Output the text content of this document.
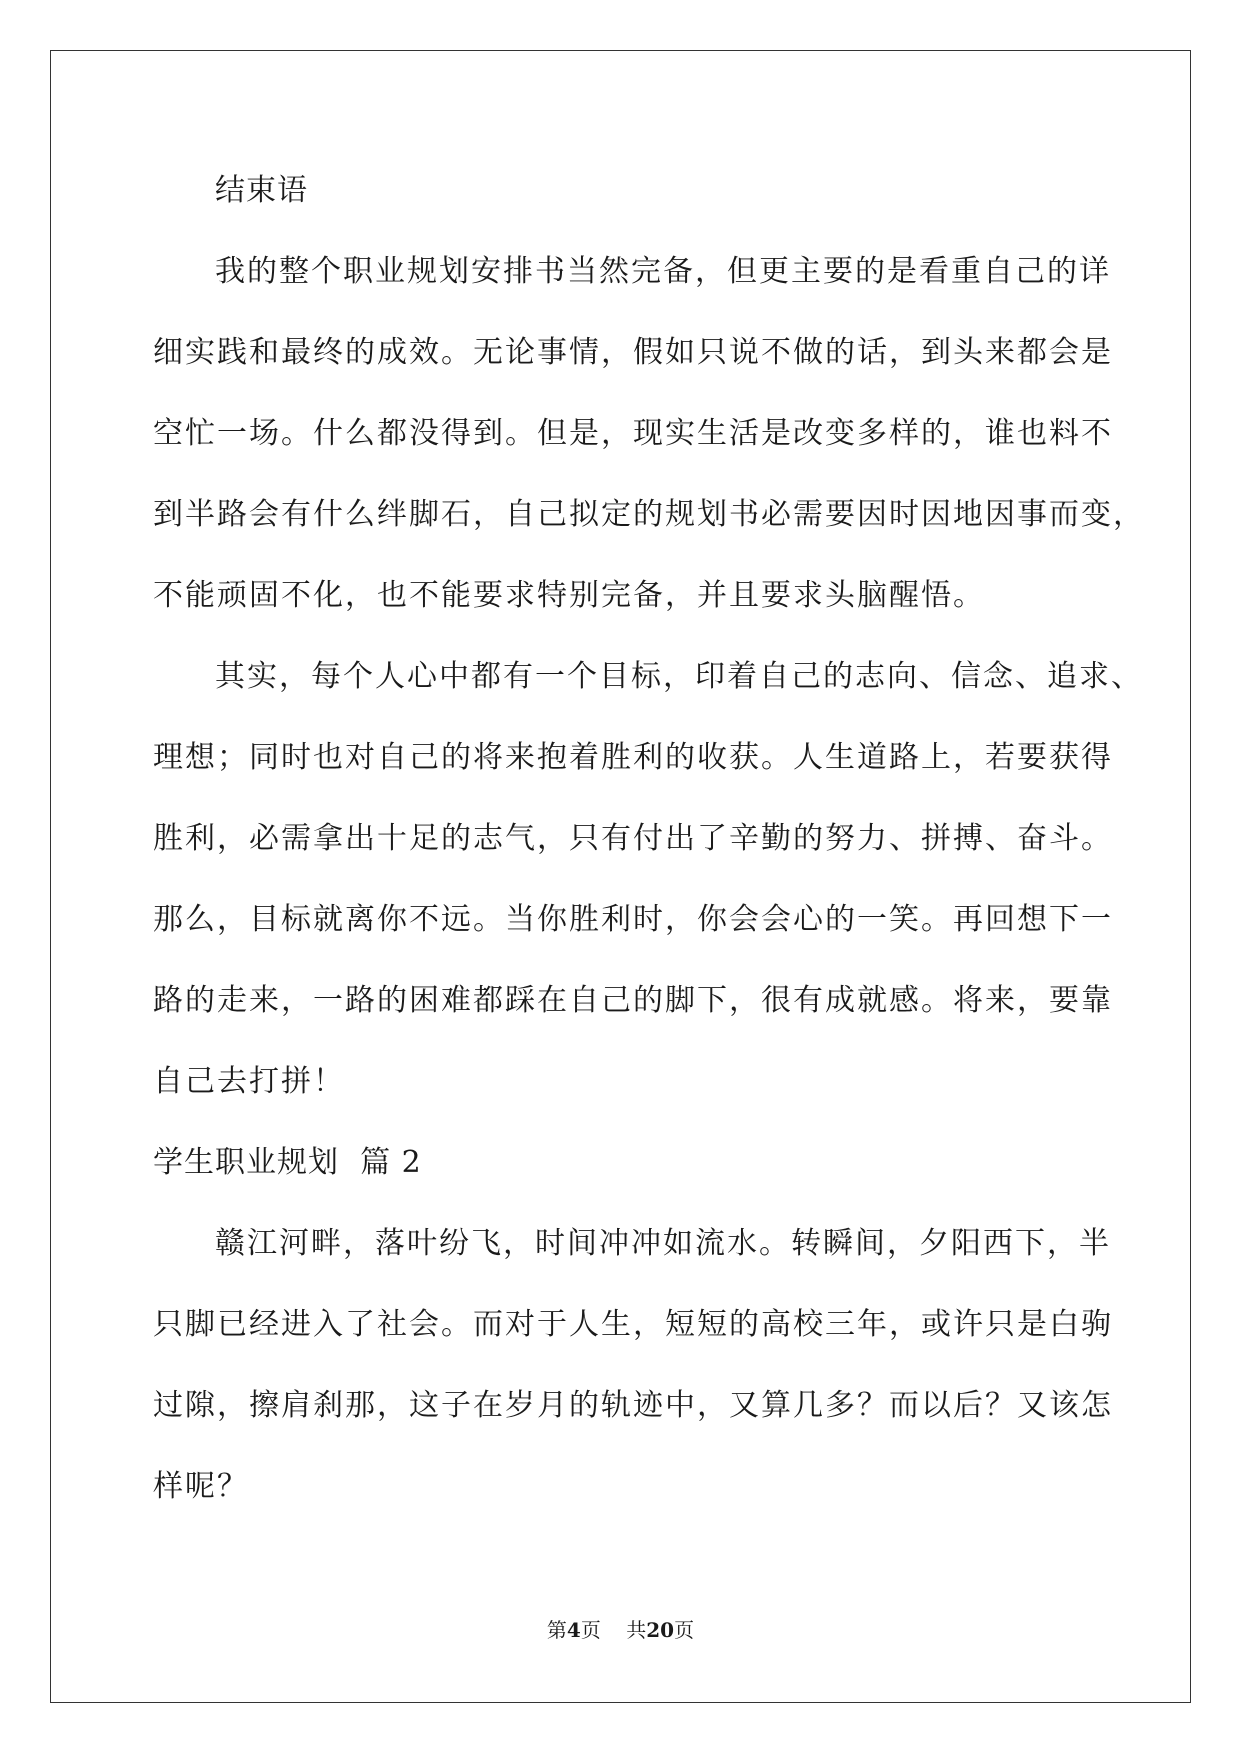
结束语
我的整个职业规划安排书当然完备，但更主要的是看重自己的详
细实践和最终的成效。无论事情，假如只说不做的话，到头来都会是
空忙一场。什么都没得到。但是，现实生活是改变多样的，谁也料不
到半路会有什么绊脚石，自己拟定的规划书必需要因时因地因事而变，
不能顽固不化，也不能要求特别完备，并且要求头脑醒悟。
其实，每个人心中都有一个目标，印着自己的志向、信念、追求、
理想；同时也对自己的将来抱着胜利的收获。人生道路上，若要获得
胜利，必需拿出十足的志气，只有付出了辛勤的努力、拼搏、奋斗。
那么，目标就离你不远。当你胜利时，你会会心的一笑。再回想下一
路的走来，一路的困难都踩在自己的脚下，很有成就感。将来，要靠
自己去打拼！
学生职业规划  篇 2
赣江河畔，落叶纷飞，时间冲冲如流水。转瞬间，夕阳西下，半
只脚已经进入了社会。而对于人生，短短的高校三年，或许只是白驹
过隙，擦肩刹那，这子在岁月的轨迹中，又算几多？而以后？又该怎
样呢？
第4页    共20页
